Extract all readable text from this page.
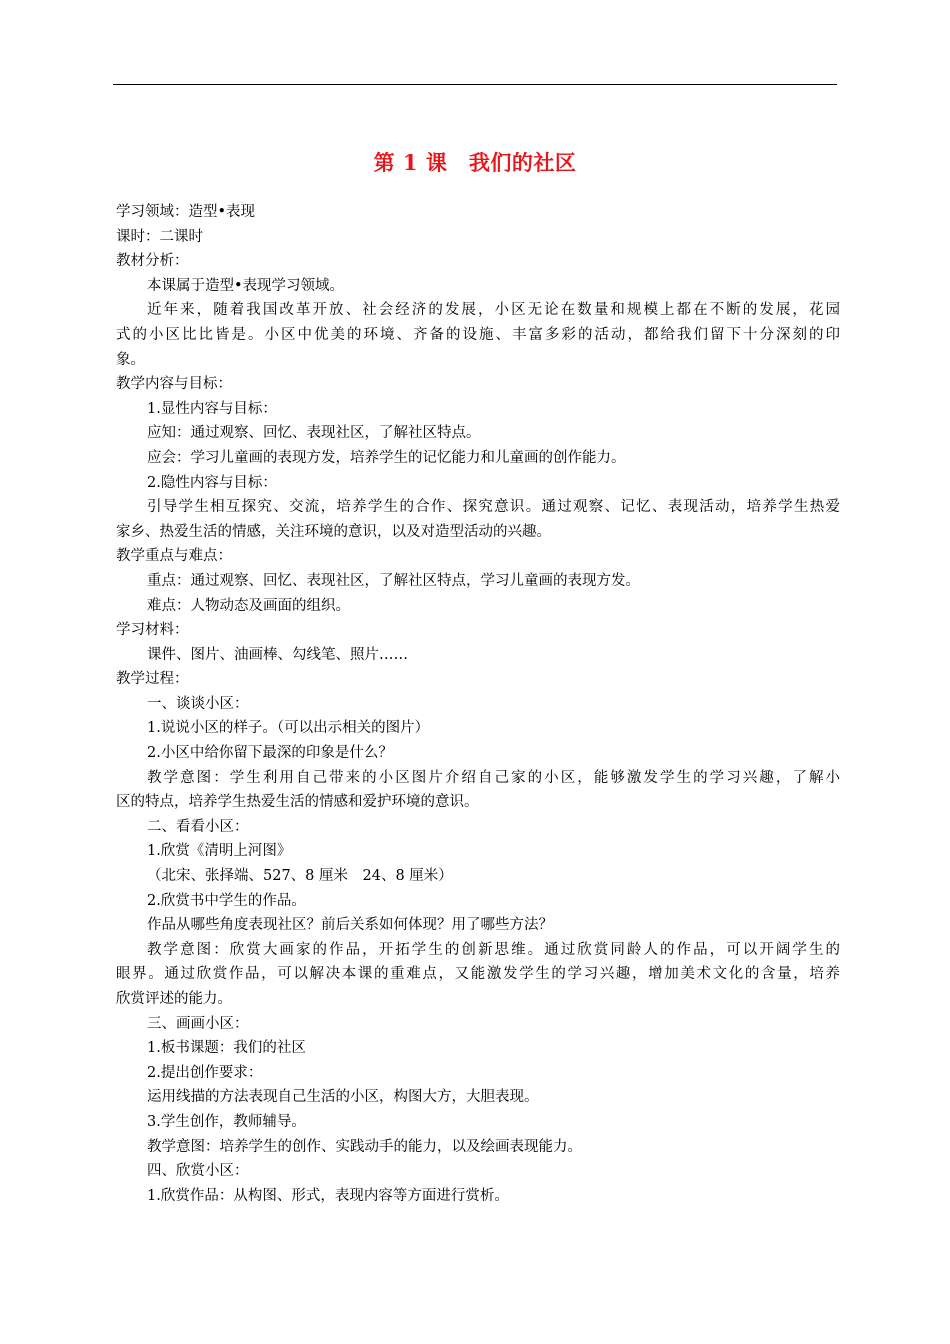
第 1 课　我们的社区
学习领域：造型•表现
课时：二课时
教材分析：
本课属于造型•表现学习领域。
近年来，随着我国改革开放、社会经济的发展，小区无论在数量和规模上都在不断的发展，花园
式的小区比比皆是。小区中优美的环境、齐备的设施、丰富多彩的活动，都给我们留下十分深刻的印
象。
教学内容与目标：
1.显性内容与目标：
应知：通过观察、回忆、表现社区，了解社区特点。
应会：学习儿童画的表现方发，培养学生的记忆能力和儿童画的创作能力。
2.隐性内容与目标：
引导学生相互探究、交流，培养学生的合作、探究意识。通过观察、记忆、表现活动，培养学生热爱
家乡、热爱生活的情感，关注环境的意识，以及对造型活动的兴趣。
教学重点与难点：
重点：通过观察、回忆、表现社区，了解社区特点，学习儿童画的表现方发。
难点：人物动态及画面的组织。
学习材料：
课件、图片、油画棒、勾线笔、照片……
教学过程：
一、谈谈小区：
1.说说小区的样子。（可以出示相关的图片）
2.小区中给你留下最深的印象是什么？
教学意图：学生利用自己带来的小区图片介绍自己家的小区，能够激发学生的学习兴趣，了解小
区的特点，培养学生热爱生活的情感和爱护环境的意识。
二、看看小区：
1.欣赏《清明上河图》
（北宋、张择端、527、8 厘米　24、8 厘米）
2.欣赏书中学生的作品。
作品从哪些角度表现社区？前后关系如何体现？用了哪些方法？
教学意图：欣赏大画家的作品，开拓学生的创新思维。通过欣赏同龄人的作品，可以开阔学生的
眼界。通过欣赏作品，可以解决本课的重难点，又能激发学生的学习兴趣，增加美术文化的含量，培养
欣赏评述的能力。
三、画画小区：
1.板书课题：我们的社区
2.提出创作要求：
运用线描的方法表现自己生活的小区，构图大方，大胆表现。
3.学生创作，教师辅导。
教学意图：培养学生的创作、实践动手的能力，以及绘画表现能力。
四、欣赏小区：
1.欣赏作品：从构图、形式，表现内容等方面进行赏析。
